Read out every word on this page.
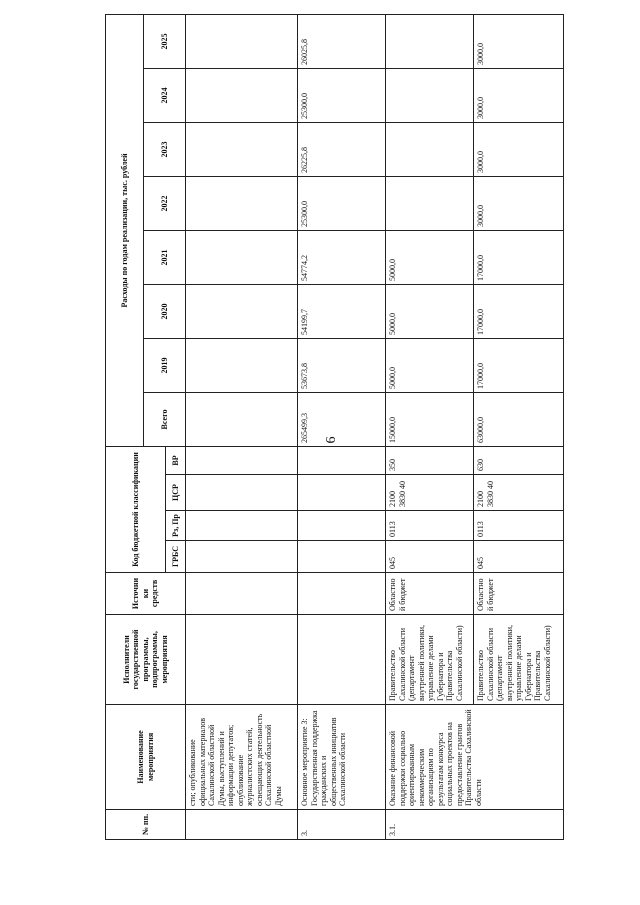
6
№ пп.	Наименование мероприятия	Исполнители государственной программы, подпрограммы, мероприятия	Источники средств	Код бюджетной классификации				Расходы по годам реализации, тыс. рублей							
								Всего	2019	2020	2021	2022	2023	2024	2025
				ГРБС	Рз, Пр	ЦСР	ВР								
	сти; опубликование официальных материалов Сахалинской областной Думы, выступлений и информации депутатов; опубликование журналистских статей, освещающих деятельность Сахалинской областной Думы														
3.	Основное мероприятие 3: Государственная поддержка гражданских и общественных инициатив Сахалинской области							265499,3	53673,8	54199,7	54774,2	25300,0	26225,8	25300,0	26025,8
3.1.	Оказание финансовой поддержки социально ориентированным некоммерческим организациям по результатам конкурса социальных проектов на предоставление грантов Правительства Сахалинской области	Правительство Сахалинской области (департамент внутренней политики, управление делами Губернатора и Правительства Сахалинской области)	Областной бюджет	045	0113	2100 3830 40	350	15000,0	5000,0	5000,0	5000,0				
		Правительство Сахалинской области (департамент внутренней политики, управление делами Губернатора и Правительства Сахалинской области)	Областной бюджет	045	0113	2100 3830 40	630	63000,0	17000,0	17000,0	17000,0	3000,0	3000,0	3000,0	3000,0
